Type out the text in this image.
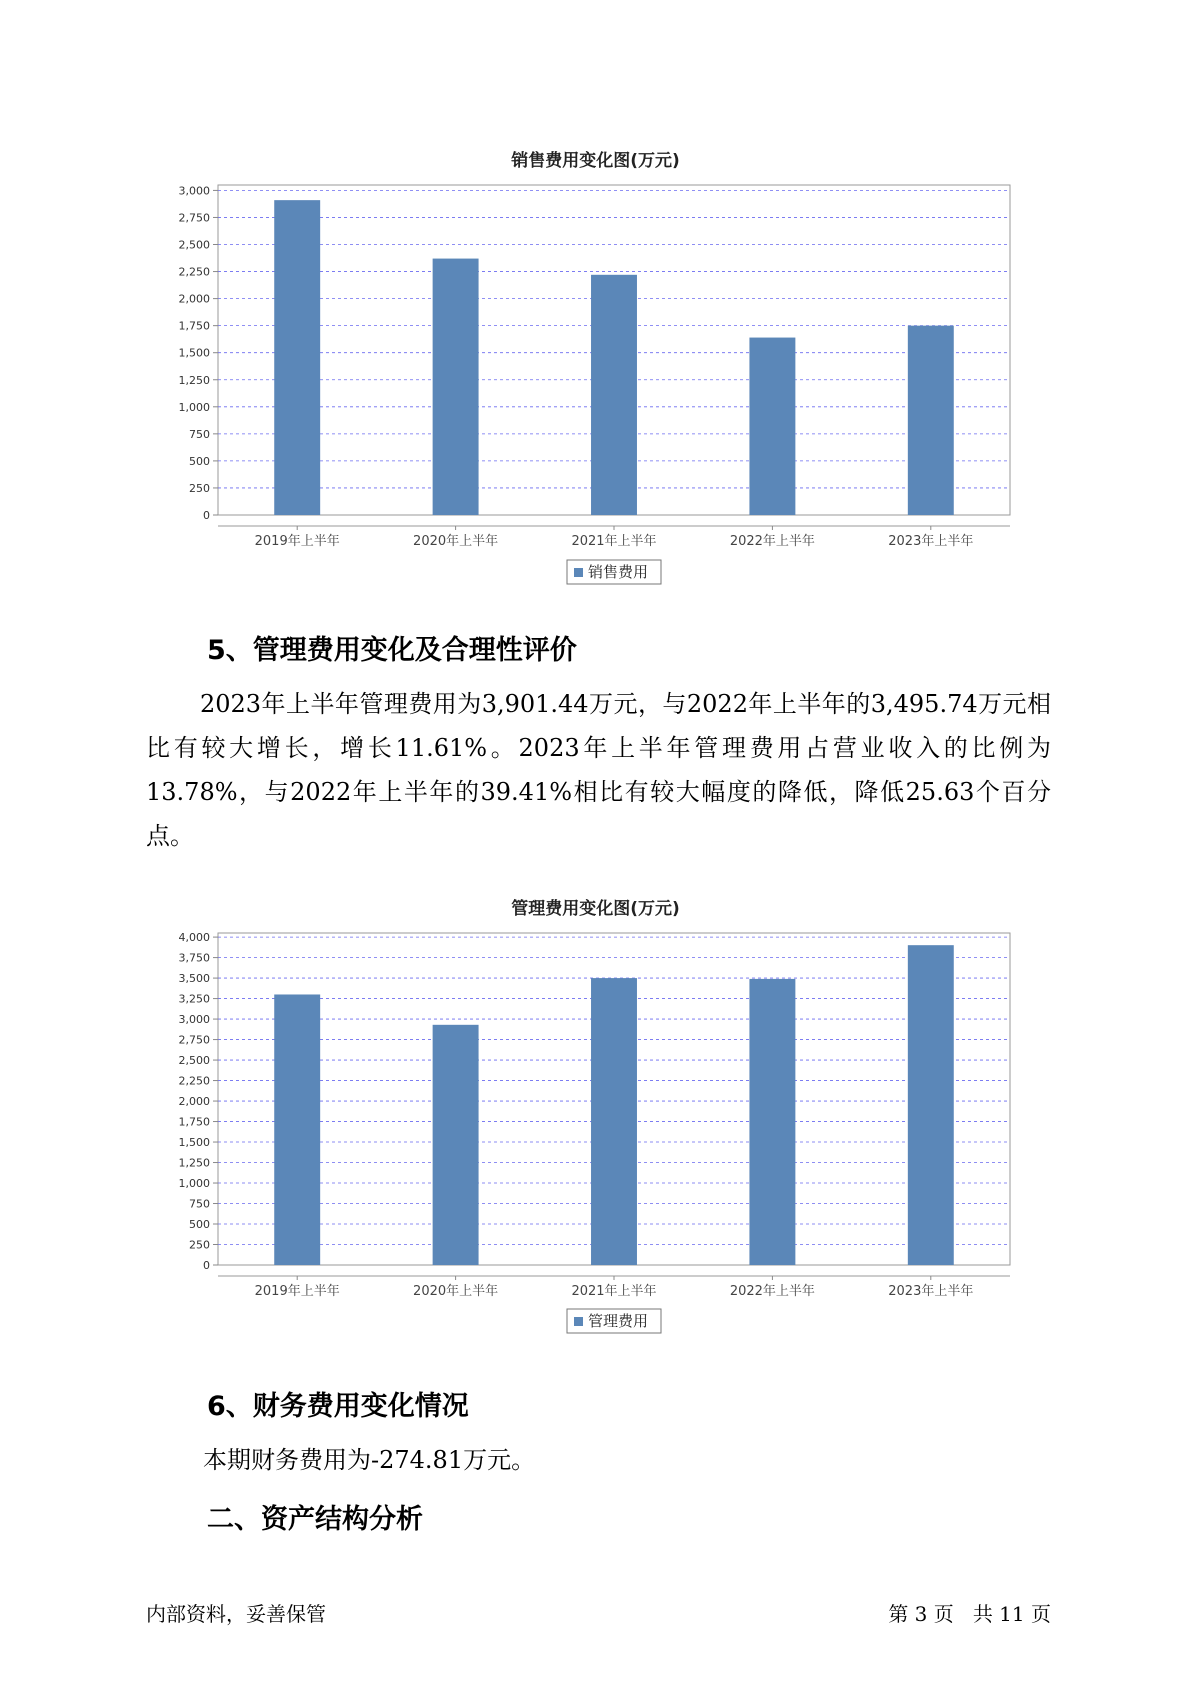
销售费用变化图(万元)
0
250
500
750
1,000
1,250
1,500
1,750
2,000
2,250
2,500
2,750
3,000
2019年上半年	2020年上半年	2021年上半年	2022年上半年	2023年上半年
销售费用
5、管理费用变化及合理性评价

2023年上半年管理费用为3,901.44万元，与2022年上半年的3,495.74万元相比有较大增长，增长11.61%。2023年上半年管理费用占营业收入的比例为13.78%，与2022年上半年的39.41%相比有较大幅度的降低，降低25.63个百分点。

管理费用变化图(万元)
0
250
500
750
1,000
1,250
1,500
1,750
2,000
2,250
2,500
2,750
3,000
3,250
3,500
3,750
4,000
2019年上半年	2020年上半年	2021年上半年	2022年上半年	2023年上半年
管理费用
6、财务费用变化情况

本期财务费用为-274.81万元。

二、资产结构分析
内部资料，妥善保管	第 3 页   共 11 页
